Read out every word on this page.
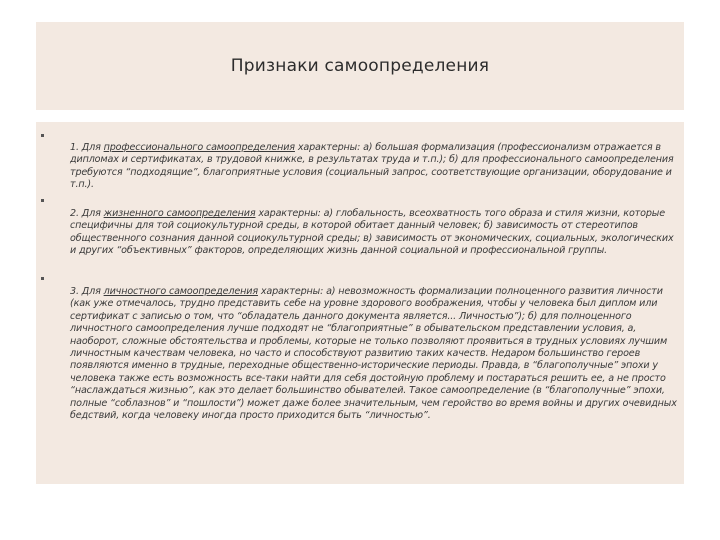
Признаки самоопределения
1. Для профессионального самоопределения характерны: а) большая формализация (профессионализм отражается в дипломах и сертификатах, в трудовой книжке, в результатах труда и т.п.); б) для профессионального самоопределения требуются “подходящие”, благоприятные условия (социальный запрос, соответствующие организации, оборудование и т.п.).
2. Для жизненного самоопределения характерны: а) глобальность, всеохватность того образа и стиля жизни, которые специфичны для той социокультурной среды, в которой обитает данный человек; б) зависимость от стереотипов общественного сознания данной социокультурной среды; в) зависимость от экономических, социальных, экологических и других “объективных” факторов, определяющих жизнь данной социальной и профессиональной группы.
3. Для личностного самоопределения характерны: а) невозможность формализации полноценного развития личности (как уже отмечалось, трудно представить себе на уровне здорового воображения, чтобы у человека был диплом или сертификат с записью о том, что “обладатель данного документа является... Личностью”); б) для полноценного личностного самоопределения лучше подходят не “благоприятные” в обывательском представлении условия, а, наоборот, сложные обстоятельства и проблемы, которые не только позволяют проявиться в трудных условиях лучшим личностным качествам человека, но часто и способствуют развитию таких качеств. Недаром большинство героев появляются именно в трудные, переходные общественно-исторические периоды. Правда, в “благополучные” эпохи у человека также есть возможность все-таки найти для себя достойную проблему и постараться решить ее, а не просто “наслаждаться жизнью”, как это делает большинство обывателей. Такое самоопределение (в “благополучные” эпохи, полные “соблазнов” и “пошлости”) может даже более значительным, чем геройство во время войны и других очевидных бедствий, когда человеку иногда просто приходится быть “личностью”.
